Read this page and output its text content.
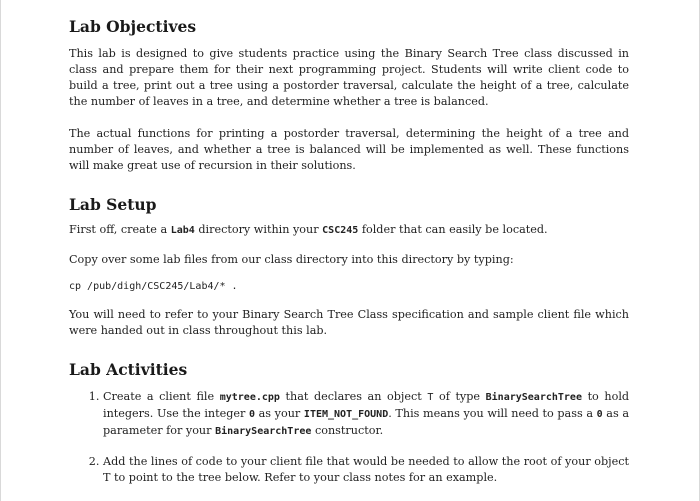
Lab Objectives

This lab is designed to give students practice using the Binary Search Tree class discussed in class and prepare them for their next programming project. Students will write client code to build a tree, print out a tree using a postorder traversal, calculate the height of a tree, calculate the number of leaves in a tree, and determine whether a tree is balanced.

The actual functions for printing a postorder traversal, determining the height of a tree and number of leaves, and whether a tree is balanced will be implemented as well. These functions will make great use of recursion in their solutions.

Lab Setup

First off, create a Lab4 directory within your CSC245 folder that can easily be located.

Copy over some lab files from our class directory into this directory by typing:

cp /pub/digh/CSC245/Lab4/* .

You will need to refer to your Binary Search Tree Class specification and sample client file which were handed out in class throughout this lab.

Lab Activities
1. Create a client file mytree.cpp that declares an object T of type BinarySearchTree to hold integers. Use the integer 0 as your ITEM_NOT_FOUND. This means you will need to pass a 0 as a parameter for your BinarySearchTree constructor.
2. Add the lines of code to your client file that would be needed to allow the root of your object T to point to the tree below. Refer to your class notes for an example.
